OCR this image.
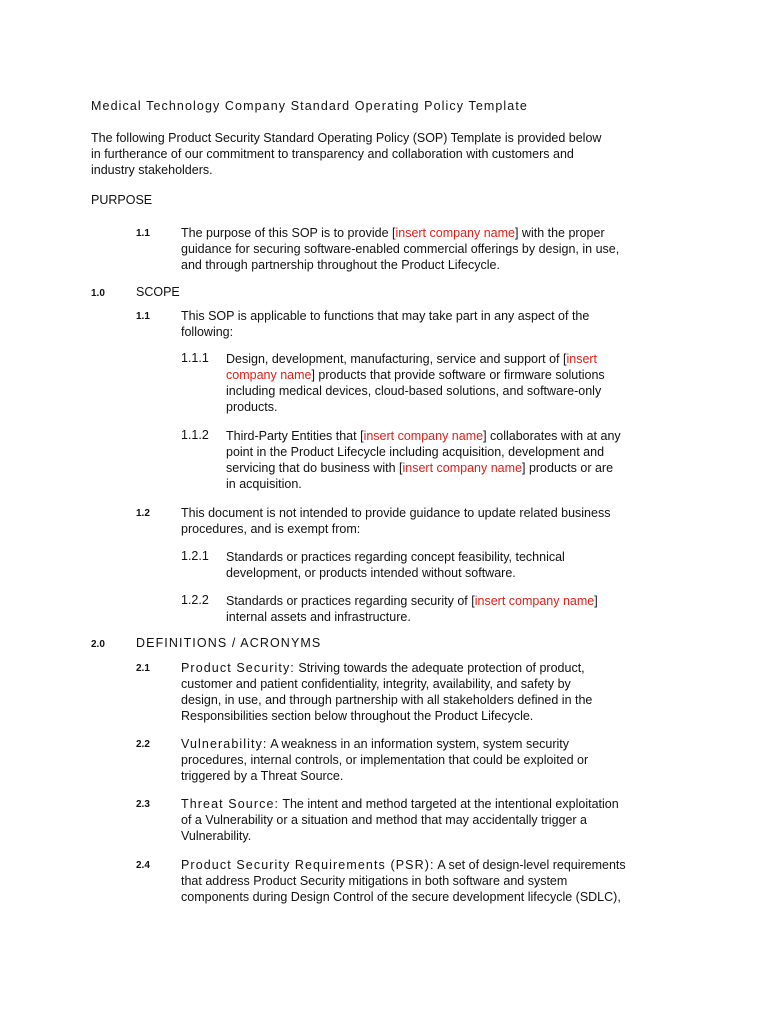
Medical Technology Company Standard Operating Policy Template
The following Product Security Standard Operating Policy (SOP) Template is provided below
in furtherance of our commitment to transparency and collaboration with customers and
industry stakeholders.
PURPOSE
1.1 The purpose of this SOP is to provide [insert company name] with the proper
guidance for securing software-enabled commercial offerings by design, in use,
and through partnership throughout the Product Lifecycle.
1.0 SCOPE
1.1 This SOP is applicable to functions that may take part in any aspect of the
following:
1.1.1 Design, development, manufacturing, service and support of [insert
company name] products that provide software or firmware solutions
including medical devices, cloud-based solutions, and software-only
products.
1.1.2 Third-Party Entities that [insert company name] collaborates with at any
point in the Product Lifecycle including acquisition, development and
servicing that do business with [insert company name] products or are
in acquisition.
1.2 This document is not intended to provide guidance to update related business
procedures, and is exempt from:
1.2.1 Standards or practices regarding concept feasibility, technical
development, or products intended without software.
1.2.2 Standards or practices regarding security of [insert company name]
internal assets and infrastructure.
2.0 DEFINITIONS / ACRONYMS
2.1 Product Security: Striving towards the adequate protection of product,
customer and patient confidentiality, integrity, availability, and safety by
design, in use, and through partnership with all stakeholders defined in the
Responsibilities section below throughout the Product Lifecycle.
2.2 Vulnerability: A weakness in an information system, system security
procedures, internal controls, or implementation that could be exploited or
triggered by a Threat Source.
2.3 Threat Source: The intent and method targeted at the intentional exploitation
of a Vulnerability or a situation and method that may accidentally trigger a
Vulnerability.
2.4 Product Security Requirements (PSR): A set of design-level requirements
that address Product Security mitigations in both software and system
components during Design Control of the secure development lifecycle (SDLC),
